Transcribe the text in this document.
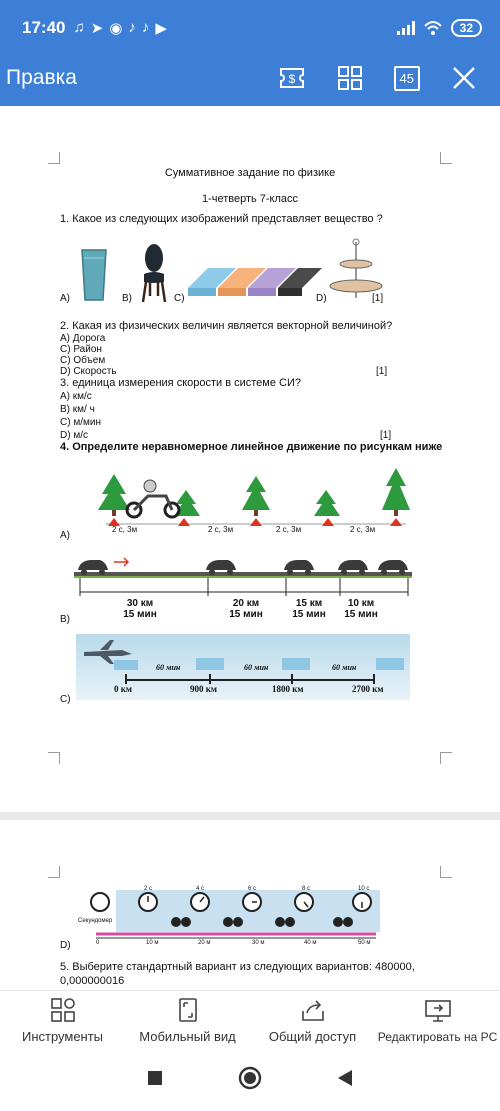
17:40 ♫ ➤ ◉ ♪ ♪ ▶	32
Правка	$	45
Суммативное задание по физике
1-четверть 7-класс
1. Какое из следующих изображений представляет вещество ?
A)	B)	C)	D)	[1]
2. Какая из физических величин является векторной величиной?
А) Дорога
С) Район
С) Объем
D) Скорость	[1]
3. единица измерения скорости в системе СИ?
А) км/с
В) км/ ч
С) м/мин
D) м/с	[1]
4. Определите неравномерное линейное движение по рисункам ниже
2 с, 3м	2 с, 3м	2 с, 3м	2 с, 3м
A)
30 км
15 мин
20 км
15 мин
15 км
15 мин
10 км
15 мин
B)
60 мин	60 мин	60 мин
0 км	900 км	1800 км	2700 км
C)
Секундомер
2 с	4 с	6 с	8 с	10 с
0	10 м	20 м	30 м	40 м	50 м
D)
5. Выберите стандартный вариант из следующих вариантов: 480000,
0,000000016
Инструменты	Мобильный вид	Общий доступ Редактировать на PC
